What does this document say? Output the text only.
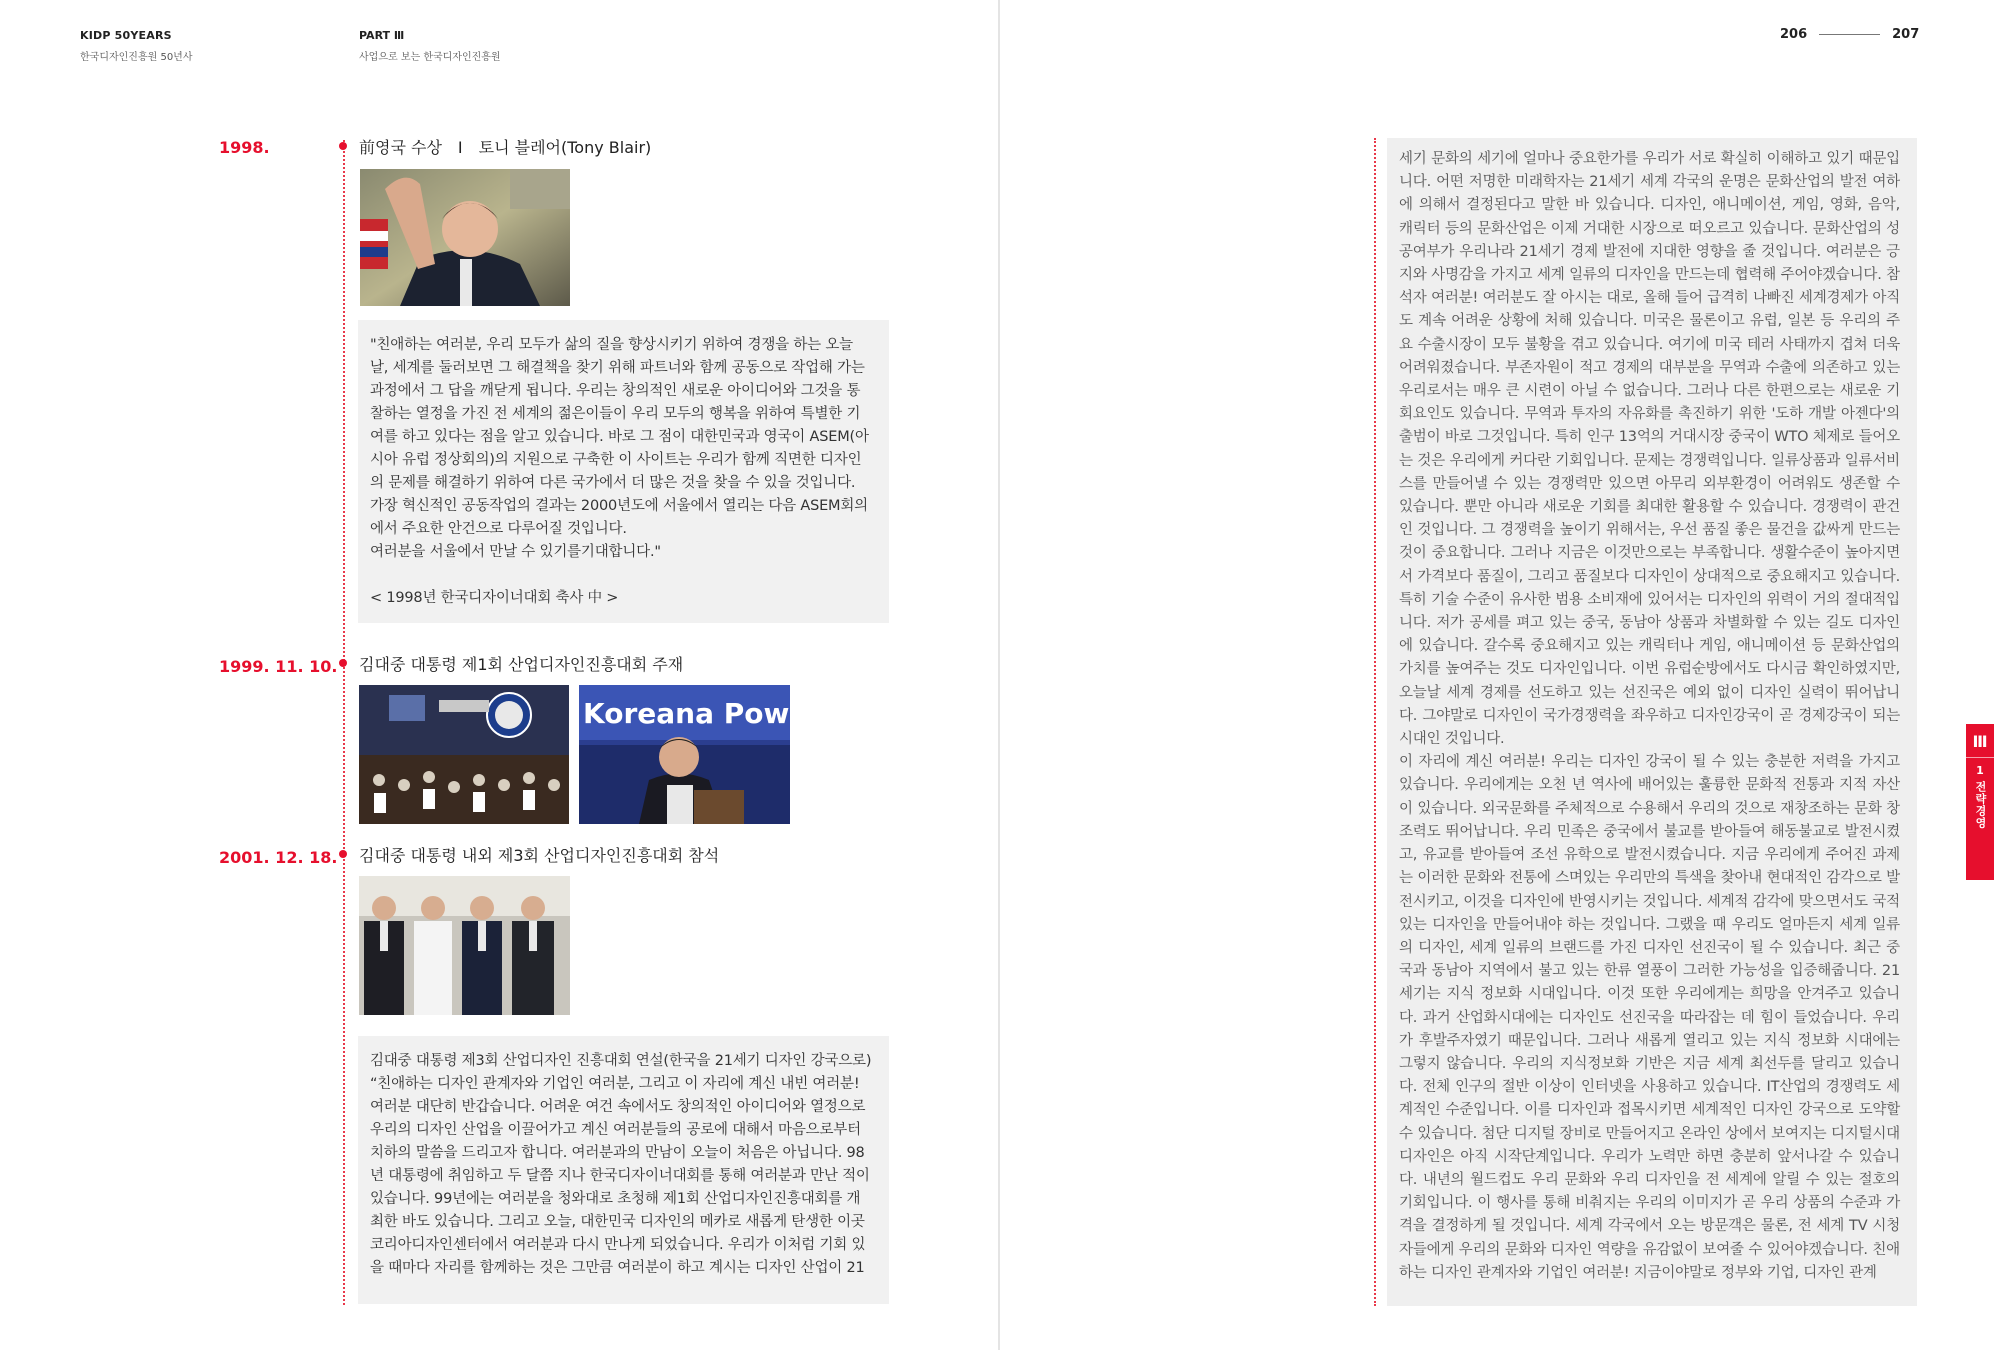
KIDP 50YEARS
한국디자인진흥원 50년사
PART Ⅲ
사업으로 보는 한국디자인진흥원
206	207
1998.	前영국 수상　I　토니 블레어(Tony Blair)

"친애하는 여러분, 우리 모두가 삶의 질을 향상시키기 위하여 경쟁을 하는 오늘
날, 세계를 둘러보면 그 해결책을 찾기 위해 파트너와 함께 공동으로 작업해 가는
과정에서 그 답을 깨닫게 됩니다. 우리는 창의적인 새로운 아이디어와 그것을 통
찰하는 열정을 가진 전 세계의 젊은이들이 우리 모두의 행복을 위하여 특별한 기
여를 하고 있다는 점을 알고 있습니다. 바로 그 점이 대한민국과 영국이 ASEM(아
시아 유럽 정상회의)의 지원으로 구축한 이 사이트는 우리가 함께 직면한 디자인
의 문제를 해결하기 위하여 다른 국가에서 더 많은 것을 찾을 수 있을 것입니다.
가장 혁신적인 공동작업의 결과는 2000년도에 서울에서 열리는 다음 ASEM회의
에서 주요한 안건으로 다루어질 것입니다.
여러분을 서울에서 만날 수 있기를기대합니다."

< 1998년 한국디자이너대회 축사 中 >

1999. 11. 10. 김대중 대통령 제1회 산업디자인진흥대회 주재
Koreana Power
2001. 12. 18. 김대중 대통령 내외 제3회 산업디자인진흥대회 참석

김대중 대통령 제3회 산업디자인 진흥대회 연설(한국을 21세기 디자인 강국으로)
“친애하는 디자인 관계자와 기업인 여러분, 그리고 이 자리에 계신 내빈 여러분!
여러분 대단히 반갑습니다. 어려운 여건 속에서도 창의적인 아이디어와 열정으로
우리의 디자인 산업을 이끌어가고 계신 여러분들의 공로에 대해서 마음으로부터
치하의 말씀을 드리고자 합니다. 여러분과의 만남이 오늘이 처음은 아닙니다. 98
년 대통령에 취임하고 두 달쯤 지나 한국디자이너대회를 통해 여러분과 만난 적이
있습니다. 99년에는 여러분을 청와대로 초청해 제1회 산업디자인진흥대회를 개
최한 바도 있습니다. 그리고 오늘, 대한민국 디자인의 메카로 새롭게 탄생한 이곳
코리아디자인센터에서 여러분과 다시 만나게 되었습니다. 우리가 이처럼 기회 있
을 때마다 자리를 함께하는 것은 그만큼 여러분이 하고 계시는 디자인 산업이 21

세기 문화의 세기에 얼마나 중요한가를 우리가 서로 확실히 이해하고 있기 때문입니다. 어떤 저명한 미래학자는 21세기 세계 각국의 운명은 문화산업의 발전 여하에 의해서 결정된다고 말한 바 있습니다. 디자인, 애니메이션, 게임, 영화, 음악, 캐릭터 등의 문화산업은 이제 거대한 시장으로 떠오르고 있습니다. 문화산업의 성공여부가 우리나라 21세기 경제 발전에 지대한 영향을 줄 것입니다. 여러분은 긍지와 사명감을 가지고 세계 일류의 디자인을 만드는데 협력해 주어야겠습니다. 참석자 여러분! 여러분도 잘 아시는 대로, 올해 들어 급격히 나빠진 세계경제가 아직도 계속 어려운 상황에 처해 있습니다. 미국은 물론이고 유럽, 일본 등 우리의 주요 수출시장이 모두 불황을 겪고 있습니다. 여기에 미국 테러 사태까지 겹쳐 더욱 어려워졌습니다. 부존자원이 적고 경제의 대부분을 무역과 수출에 의존하고 있는 우리로서는 매우 큰 시련이 아닐 수 없습니다. 그러나 다른 한편으로는 새로운 기회요인도 있습니다. 무역과 투자의 자유화를 촉진하기 위한 '도하 개발 아젠다'의 출범이 바로 그것입니다. 특히 인구 13억의 거대시장 중국이 WTO 체제로 들어오는 것은 우리에게 커다란 기회입니다. 문제는 경쟁력입니다. 일류상품과 일류서비스를 만들어낼 수 있는 경쟁력만 있으면 아무리 외부환경이 어려워도 생존할 수 있습니다. 뿐만 아니라 새로운 기회를 최대한 활용할 수 있습니다. 경쟁력이 관건인 것입니다. 그 경쟁력을 높이기 위해서는, 우선 품질 좋은 물건을 값싸게 만드는 것이 중요합니다. 그러나 지금은 이것만으로는 부족합니다. 생활수준이 높아지면서 가격보다 품질이, 그리고 품질보다 디자인이 상대적으로 중요해지고 있습니다. 특히 기술 수준이 유사한 범용 소비재에 있어서는 디자인의 위력이 거의 절대적입니다. 저가 공세를 펴고 있는 중국, 동남아 상품과 차별화할 수 있는 길도 디자인에 있습니다. 갈수록 중요해지고 있는 캐릭터나 게임, 애니메이션 등 문화산업의 가치를 높여주는 것도 디자인입니다. 이번 유럽순방에서도 다시금 확인하였지만, 오늘날 세계 경제를 선도하고 있는 선진국은 예외 없이 디자인 실력이 뛰어납니다. 그야말로 디자인이 국가경쟁력을 좌우하고 디자인강국이 곧 경제강국이 되는 시대인 것입니다.

이 자리에 계신 여러분! 우리는 디자인 강국이 될 수 있는 충분한 저력을 가지고 있습니다. 우리에게는 오천 년 역사에 배어있는 훌륭한 문화적 전통과 지적 자산이 있습니다. 외국문화를 주체적으로 수용해서 우리의 것으로 재창조하는 문화 창조력도 뛰어납니다. 우리 민족은 중국에서 불교를 받아들여 해동불교로 발전시켰고, 유교를 받아들여 조선 유학으로 발전시켰습니다. 지금 우리에게 주어진 과제는 이러한 문화와 전통에 스며있는 우리만의 특색을 찾아내 현대적인 감각으로 발전시키고, 이것을 디자인에 반영시키는 것입니다. 세계적 감각에 맞으면서도 국적있는 디자인을 만들어내야 하는 것입니다. 그랬을 때 우리도 얼마든지 세계 일류의 디자인, 세계 일류의 브랜드를 가진 디자인 선진국이 될 수 있습니다. 최근 중국과 동남아 지역에서 불고 있는 한류 열풍이 그러한 가능성을 입증해줍니다. 21세기는 지식 정보화 시대입니다. 이것 또한 우리에게는 희망을 안겨주고 있습니다. 과거 산업화시대에는 디자인도 선진국을 따라잡는 데 힘이 들었습니다. 우리가 후발주자였기 때문입니다. 그러나 새롭게 열리고 있는 지식 정보화 시대에는 그렇지 않습니다. 우리의 지식정보화 기반은 지금 세계 최선두를 달리고 있습니다. 전체 인구의 절반 이상이 인터넷을 사용하고 있습니다. IT산업의 경쟁력도 세계적인 수준입니다. 이를 디자인과 접목시키면 세계적인 디자인 강국으로 도약할 수 있습니다. 첨단 디지털 장비로 만들어지고 온라인 상에서 보여지는 디지털시대 디자인은 아직 시작단계입니다. 우리가 노력만 하면 충분히 앞서나갈 수 있습니다. 내년의 월드컵도 우리 문화와 우리 디자인을 전 세계에 알릴 수 있는 절호의 기회입니다. 이 행사를 통해 비춰지는 우리의 이미지가 곧 우리 상품의 수준과 가격을 결정하게 될 것입니다. 세계 각국에서 오는 방문객은 물론, 전 세계 TV 시청자들에게 우리의 문화와 디자인 역량을 유감없이 보여줄 수 있어야겠습니다. 친애하는 디자인 관계자와 기업인 여러분! 지금이야말로 정부와 기업, 디자인 관계

Ⅲ
1
전략경영
